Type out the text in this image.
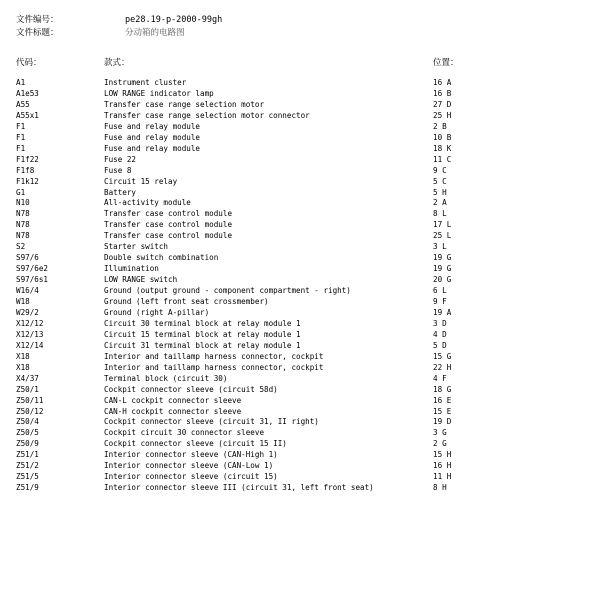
文件编号：	pe28.19-p-2000-99gh
文件标题：	分动箱的电路图
代码：	款式：	位置：
A1	Instrument cluster	16 A
A1e53	LOW RANGE indicator lamp	16 B
A55	Transfer case range selection motor	27 D
A55x1	Transfer case range selection motor connector	25 H
F1	Fuse and relay module	2 B
F1	Fuse and relay module	10 B
F1	Fuse and relay module	18 K
F1f22	Fuse 22	11 C
F1f8	Fuse 8	9 C
F1k12	Circuit 15 relay	5 C
G1	Battery	5 H
N10	All-activity module	2 A
N78	Transfer case control module	8 L
N78	Transfer case control module	17 L
N78	Transfer case control module	25 L
S2	Starter switch	3 L
S97/6	Double switch combination	19 G
S97/6e2	Illumination	19 G
S97/6s1	LOW RANGE switch	20 G
W16/4	Ground (output ground - component compartment - right)	6 L
W18	Ground (left front seat crossmember)	9 F
W29/2	Ground (right A-pillar)	19 A
X12/12	Circuit 30 terminal block at relay module 1	3 D
X12/13	Circuit 15 terminal block at relay module 1	4 D
X12/14	Circuit 31 terminal block at relay module 1	5 D
X18	Interior and taillamp harness connector, cockpit	15 G
X18	Interior and taillamp harness connector, cockpit	22 H
X4/37	Terminal block (circuit 30)	4 F
Z50/1	Cockpit connector sleeve (circuit 58d)	18 G
Z50/11	CAN-L cockpit connector sleeve	16 E
Z50/12	CAN-H cockpit connector sleeve	15 E
Z50/4	Cockpit connector sleeve (circuit 31, II right)	19 D
Z50/5	Cockpit circuit 30 connector sleeve	3 G
Z50/9	Cockpit connector sleeve (circuit 15 II)	2 G
Z51/1	Interior connector sleeve (CAN-High 1)	15 H
Z51/2	Interior connector sleeve (CAN-Low 1)	16 H
Z51/5	Interior connector sleeve (circuit 15)	11 H
Z51/9	Interior connector sleeve III (circuit 31, left front seat)	8 H
